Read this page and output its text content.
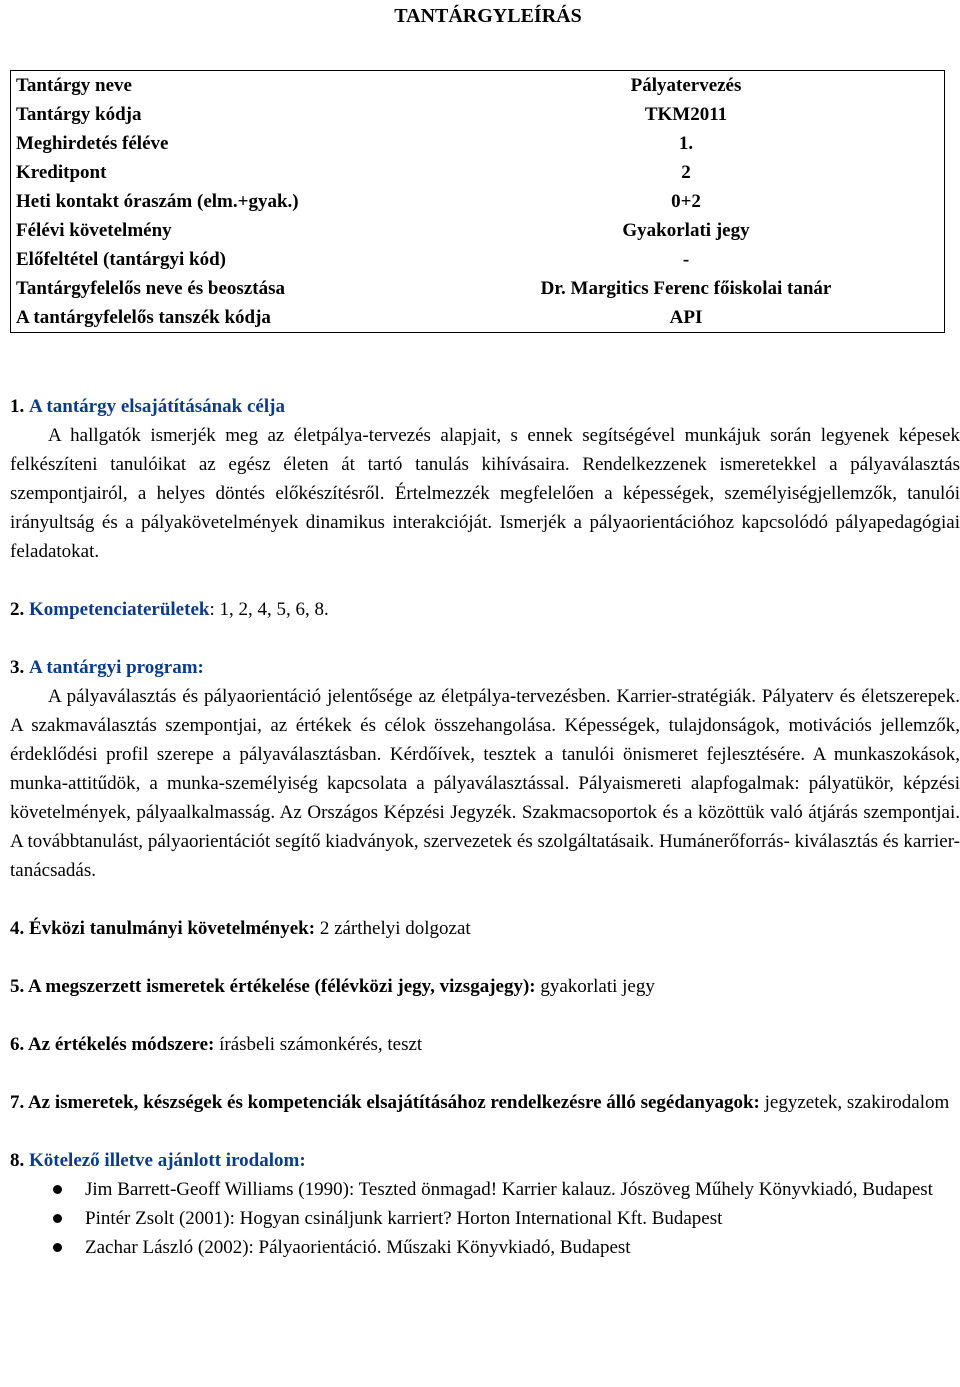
TANTÁRGYLEÍRÁS
Tantárgy neve	Pályatervezés
Tantárgy kódja	TKM2011
Meghirdetés féléve	1.
Kreditpont	2
Heti kontakt óraszám (elm.+gyak.)	0+2
Félévi követelmény	Gyakorlati jegy
Előfeltétel (tantárgyi kód)	-
Tantárgyfelelős neve és beosztása	Dr. Margitics Ferenc főiskolai tanár
A tantárgyfelelős tanszék kódja	API

1. A tantárgy elsajátításának célja

A hallgatók ismerjék meg az életpálya-tervezés alapjait, s ennek segítségével munkájuk során legyenek képesek felkészíteni tanulóikat az egész életen át tartó tanulás kihívásaira. Rendelkezzenek ismeretekkel a pályaválasztás szempontjairól, a helyes döntés előkészítésről. Értelmezzék megfelelően a képességek, személyiségjellemzők, tanulói irányultság és a pályakövetelmények dinamikus interakcióját. Ismerjék a pályaorientációhoz kapcsolódó pályapedagógiai feladatokat.

2. Kompetenciaterületek: 1, 2, 4, 5, 6, 8.

3. A tantárgyi program:

A pályaválasztás és pályaorientáció jelentősége az életpálya-tervezésben. Karrier-stratégiák. Pályaterv és életszerepek. A szakmaválasztás szempontjai, az értékek és célok összehangolása. Képességek, tulajdonságok, motivációs jellemzők, érdeklődési profil szerepe a pályaválasztásban. Kérdőívek, tesztek a tanulói önismeret fejlesztésére. A munkaszokások, munka-attitűdök, a munka-személyiség kapcsolata a pályaválasztással. Pályaismereti alapfogalmak: pályatükör, képzési követelmények, pályaalkalmasság. Az Országos Képzési Jegyzék. Szakmacsoportok és a közöttük való átjárás szempontjai. A továbbtanulást, pályaorientációt segítő kiadványok, szervezetek és szolgáltatásaik. Humánerőforrás- kiválasztás és karrier-tanácsadás.

4. Évközi tanulmányi követelmények: 2 zárthelyi dolgozat

5. A megszerzett ismeretek értékelése (félévközi jegy, vizsgajegy): gyakorlati jegy

6. Az értékelés módszere: írásbeli számonkérés, teszt

7. Az ismeretek, készségek és kompetenciák elsajátításához rendelkezésre álló segédanyagok: jegyzetek, szakirodalom

8. Kötelező illetve ajánlott irodalom:

Jim Barrett-Geoff Williams (1990): Teszted önmagad! Karrier kalauz. Jószöveg Műhely Könyvkiadó, Budapest
Pintér Zsolt (2001): Hogyan csináljunk karriert? Horton International Kft. Budapest
Zachar László (2002): Pályaorientáció. Műszaki Könyvkiadó, Budapest
